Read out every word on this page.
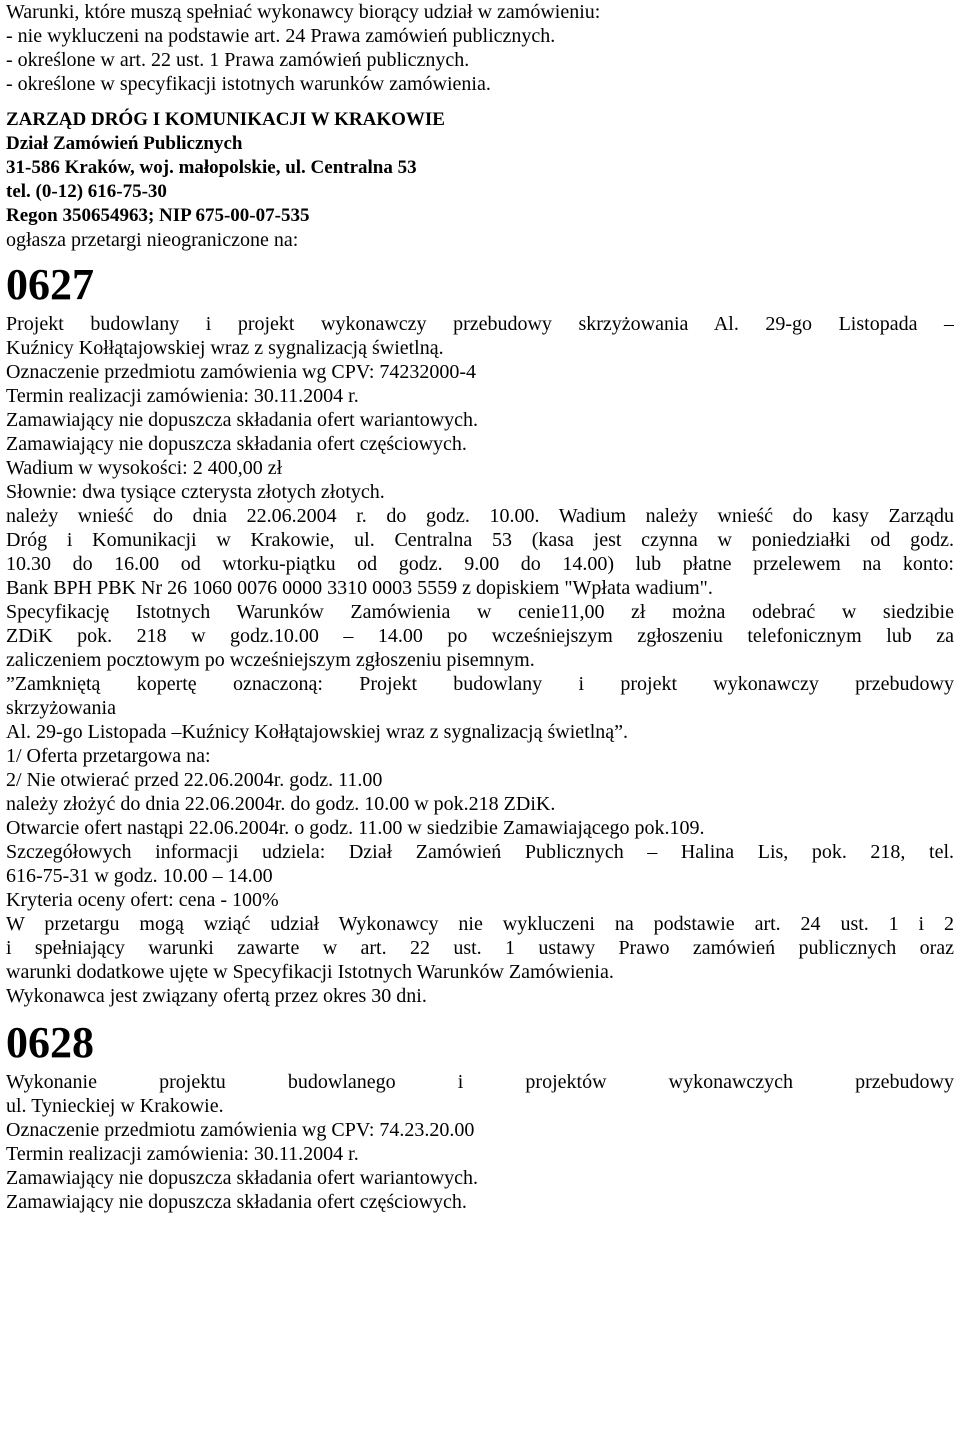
Warunki, które muszą spełniać wykonawcy biorący udział w zamówieniu:
- nie wykluczeni na podstawie art. 24 Prawa zamówień publicznych.
- określone w art. 22 ust. 1 Prawa zamówień publicznych.
- określone w specyfikacji istotnych warunków zamówienia.
ZARZĄD DRÓG I KOMUNIKACJI W KRAKOWIE
Dział Zamówień Publicznych
31-586 Kraków, woj. małopolskie, ul. Centralna 53
tel. (0-12) 616-75-30
Regon 350654963; NIP 675-00-07-535
ogłasza przetargi nieograniczone na:
0627
Projekt budowlany i projekt wykonawczy przebudowy skrzyżowania Al. 29-go Listopada –
Kuźnicy Kołłątajowskiej wraz z sygnalizacją świetlną.
Oznaczenie przedmiotu zamówienia wg CPV: 74232000-4
Termin realizacji zamówienia: 30.11.2004 r.
Zamawiający nie dopuszcza składania ofert wariantowych.
Zamawiający nie dopuszcza składania ofert częściowych.
Wadium w wysokości: 2 400,00 zł
Słownie: dwa tysiące czterysta złotych złotych.
należy wnieść do dnia 22.06.2004 r. do godz. 10.00. Wadium należy wnieść do kasy Zarządu
Dróg i Komunikacji w Krakowie, ul. Centralna 53 (kasa jest czynna w poniedziałki od godz.
10.30 do 16.00 od wtorku-piątku od godz. 9.00 do 14.00) lub płatne przelewem na konto:
Bank BPH PBK Nr 26 1060 0076 0000 3310 0003 5559 z dopiskiem "Wpłata wadium".
Specyfikację Istotnych Warunków Zamówienia w cenie11,00 zł można odebrać w siedzibie
ZDiK pok. 218 w godz.10.00 – 14.00 po wcześniejszym zgłoszeniu telefonicznym lub za
zaliczeniem pocztowym po wcześniejszym zgłoszeniu pisemnym.
”Zamkniętą kopertę oznaczoną: Projekt budowlany i projekt wykonawczy przebudowy
skrzyżowania
Al. 29-go Listopada –Kuźnicy Kołłątajowskiej wraz z sygnalizacją świetlną”.
1/ Oferta przetargowa na:
2/ Nie otwierać przed 22.06.2004r. godz. 11.00
należy złożyć do dnia 22.06.2004r. do godz. 10.00 w pok.218 ZDiK.
Otwarcie ofert nastąpi 22.06.2004r. o godz. 11.00 w siedzibie Zamawiającego pok.109.
Szczegółowych informacji udziela: Dział Zamówień Publicznych – Halina Lis, pok. 218, tel.
616-75-31 w godz. 10.00 – 14.00
Kryteria oceny ofert: cena - 100%
W przetargu mogą wziąć udział Wykonawcy nie wykluczeni na podstawie art. 24 ust. 1 i 2
i spełniający warunki zawarte w art. 22 ust. 1 ustawy Prawo zamówień publicznych oraz
warunki dodatkowe ujęte w Specyfikacji Istotnych Warunków Zamówienia.
Wykonawca jest związany ofertą przez okres 30 dni.
0628
Wykonanie projektu budowlanego i projektów wykonawczych przebudowy
ul. Tynieckiej w Krakowie.
Oznaczenie przedmiotu zamówienia wg CPV: 74.23.20.00
Termin realizacji zamówienia: 30.11.2004 r.
Zamawiający nie dopuszcza składania ofert wariantowych.
Zamawiający nie dopuszcza składania ofert częściowych.
